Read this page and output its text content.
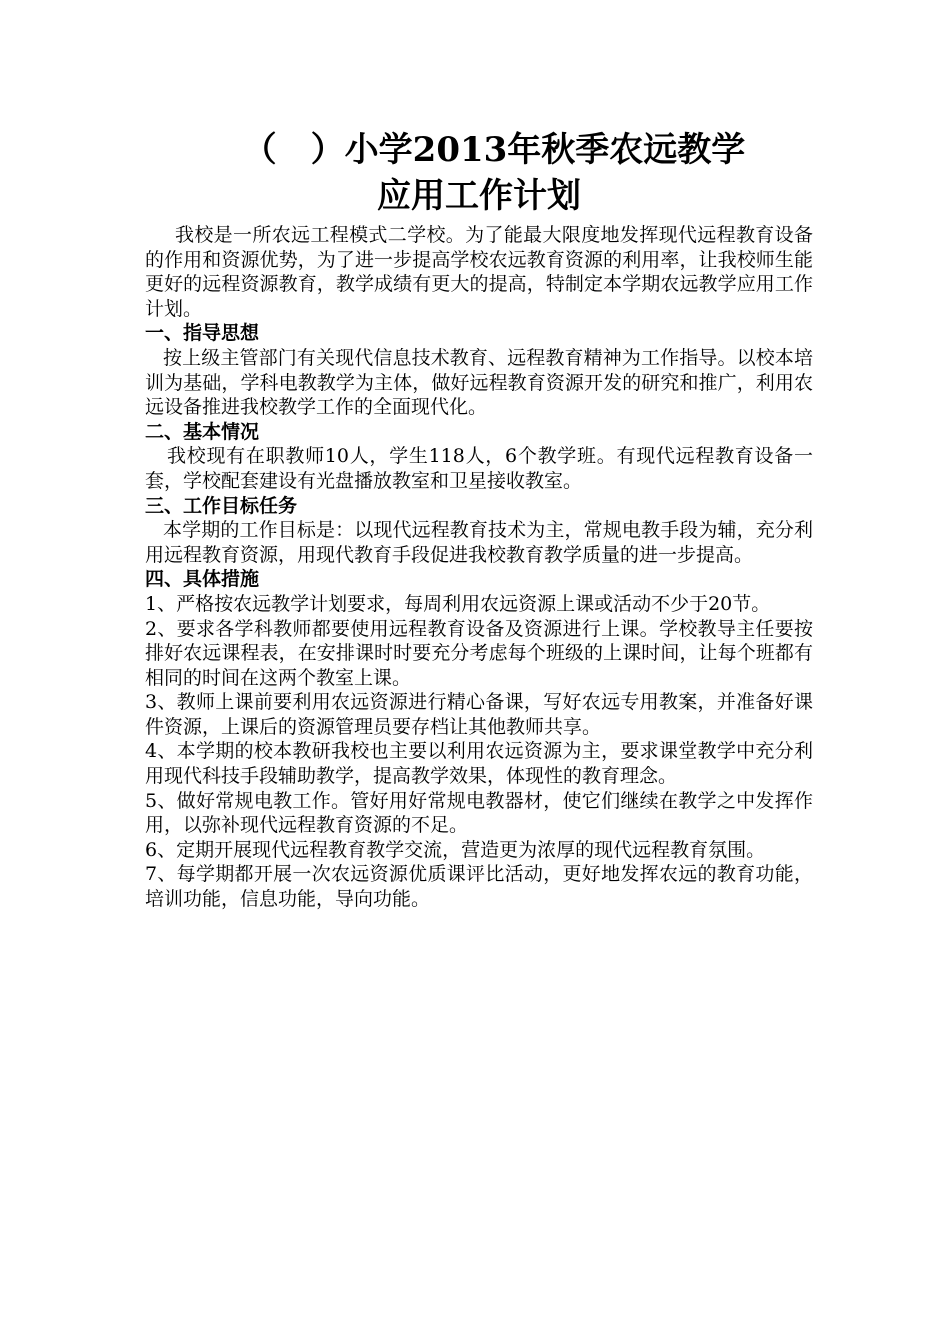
（　）小学2013年秋季农远教学
应用工作计划

我校是一所农远工程模式二学校。为了能最大限度地发挥现代远程教育设备的作用和资源优势，为了进一步提高学校农远教育资源的利用率，让我校师生能更好的远程资源教育，教学成绩有更大的提高，特制定本学期农远教学应用工作计划。

一、指导思想

按上级主管部门有关现代信息技术教育、远程教育精神为工作指导。以校本培训为基础，学科电教教学为主体，做好远程教育资源开发的研究和推广，利用农远设备推进我校教学工作的全面现代化。

二、基本情况

我校现有在职教师10人，学生118人，6个教学班。有现代远程教育设备一套，学校配套建设有光盘播放教室和卫星接收教室。

三、工作目标任务

本学期的工作目标是：以现代远程教育技术为主，常规电教手段为辅，充分利用远程教育资源，用现代教育手段促进我校教育教学质量的进一步提高。

四、具体措施

1、严格按农远教学计划要求，每周利用农远资源上课或活动不少于20节。

2、要求各学科教师都要使用远程教育设备及资源进行上课。学校教导主任要按排好农远课程表，在安排课时时要充分考虑每个班级的上课时间，让每个班都有相同的时间在这两个教室上课。

3、教师上课前要利用农远资源进行精心备课，写好农远专用教案，并准备好课件资源，上课后的资源管理员要存档让其他教师共享。

4、本学期的校本教研我校也主要以利用农远资源为主，要求课堂教学中充分利用现代科技手段辅助教学，提高教学效果，体现性的教育理念。

5、做好常规电教工作。管好用好常规电教器材，使它们继续在教学之中发挥作用，以弥补现代远程教育资源的不足。

6、定期开展现代远程教育教学交流，营造更为浓厚的现代远程教育氛围。

7、每学期都开展一次农远资源优质课评比活动，更好地发挥农远的教育功能，培训功能，信息功能，导向功能。
